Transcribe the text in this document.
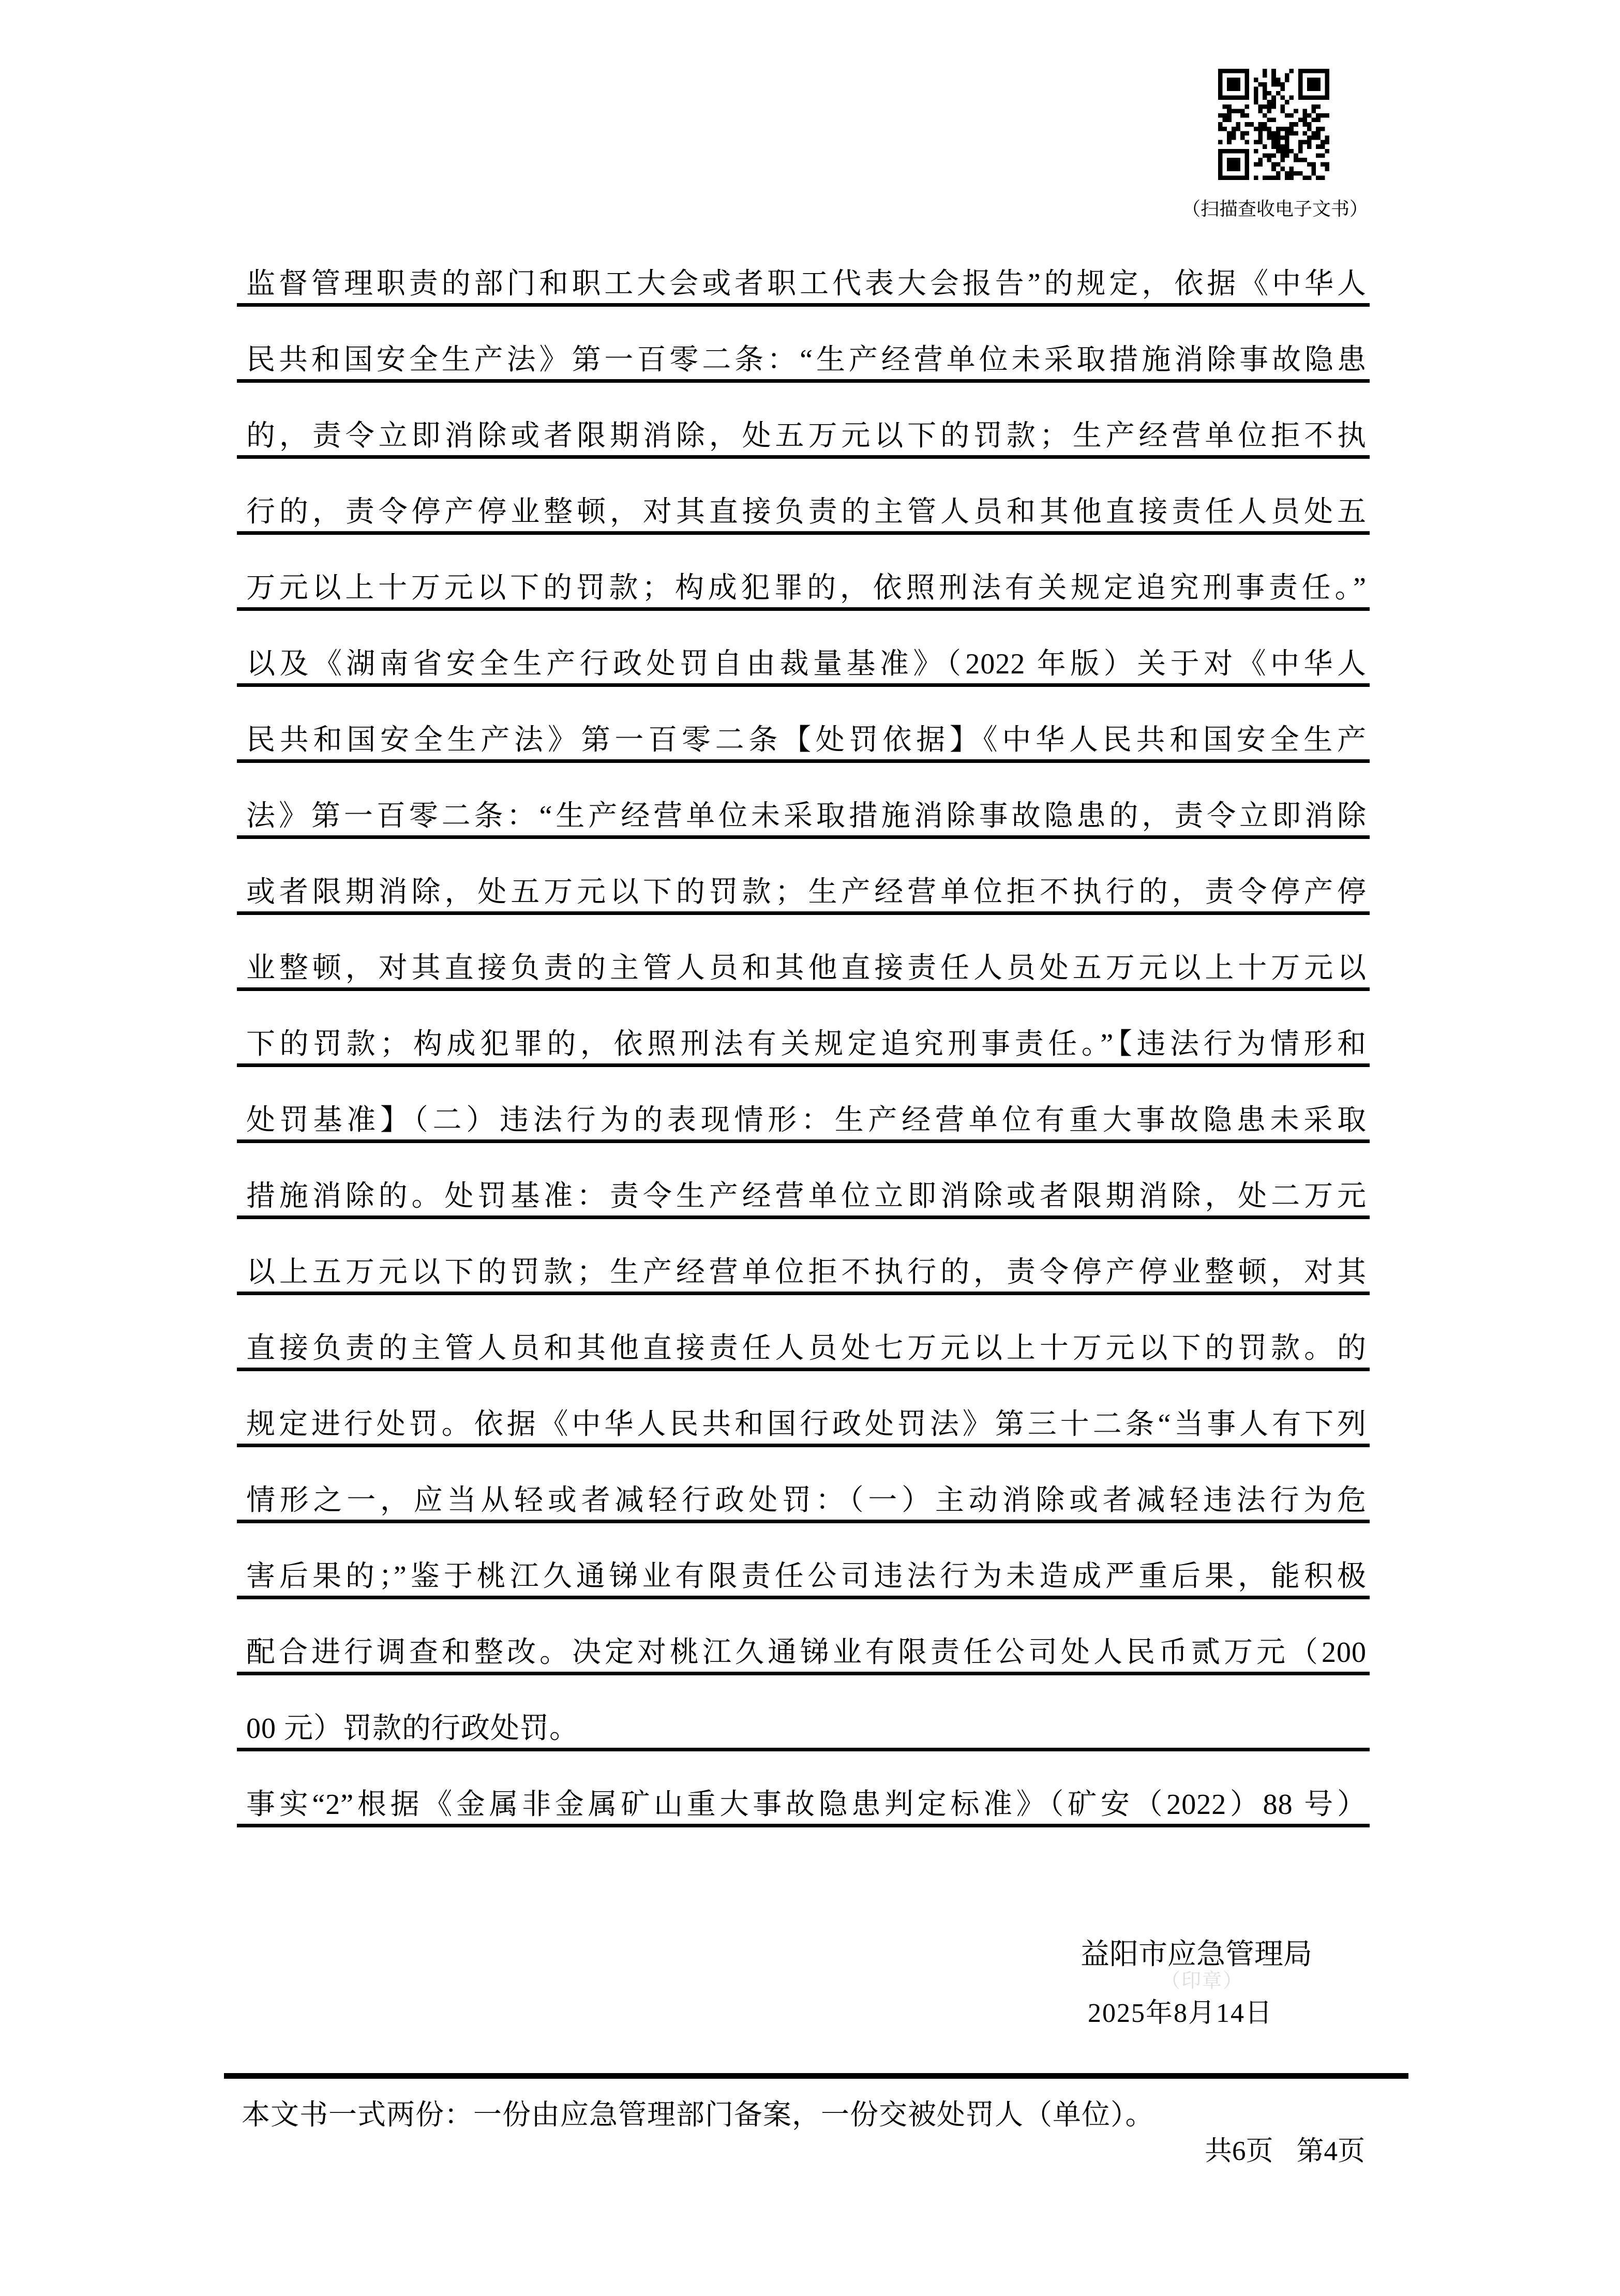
（扫描查收电子文书）
监督管理职责的部门和职工大会或者职工代表大会报告”的规定，依据《中华人
民共和国安全生产法》第一百零二条：“生产经营单位未采取措施消除事故隐患
的，责令立即消除或者限期消除，处五万元以下的罚款；生产经营单位拒不执
行的，责令停产停业整顿，对其直接负责的主管人员和其他直接责任人员处五
万元以上十万元以下的罚款；构成犯罪的，依照刑法有关规定追究刑事责任。”
以及《湖南省安全生产行政处罚自由裁量基准》（2022 年版）关于对《中华人
民共和国安全生产法》第一百零二条【处罚依据】《中华人民共和国安全生产
法》第一百零二条：“生产经营单位未采取措施消除事故隐患的，责令立即消除
或者限期消除，处五万元以下的罚款；生产经营单位拒不执行的，责令停产停
业整顿，对其直接负责的主管人员和其他直接责任人员处五万元以上十万元以
下的罚款；构成犯罪的，依照刑法有关规定追究刑事责任。”【违法行为情形和
处罚基准】（二）违法行为的表现情形：生产经营单位有重大事故隐患未采取
措施消除的。处罚基准：责令生产经营单位立即消除或者限期消除，处二万元
以上五万元以下的罚款；生产经营单位拒不执行的，责令停产停业整顿，对其
直接负责的主管人员和其他直接责任人员处七万元以上十万元以下的罚款。的
规定进行处罚。依据《中华人民共和国行政处罚法》第三十二条“当事人有下列
情形之一，应当从轻或者减轻行政处罚：（一）主动消除或者减轻违法行为危
害后果的；”鉴于桃江久通锑业有限责任公司违法行为未造成严重后果，能积极
配合进行调查和整改。决定对桃江久通锑业有限责任公司处人民币贰万元（200
00 元）罚款的行政处罚。
事实“2”根据《金属非金属矿山重大事故隐患判定标准》（矿安（2022）88 号）
益阳市应急管理局
（印章）
2025年8月14日
本文书一式两份：一份由应急管理部门备案，一份交被处罚人（单位）。
共6页 第4页
